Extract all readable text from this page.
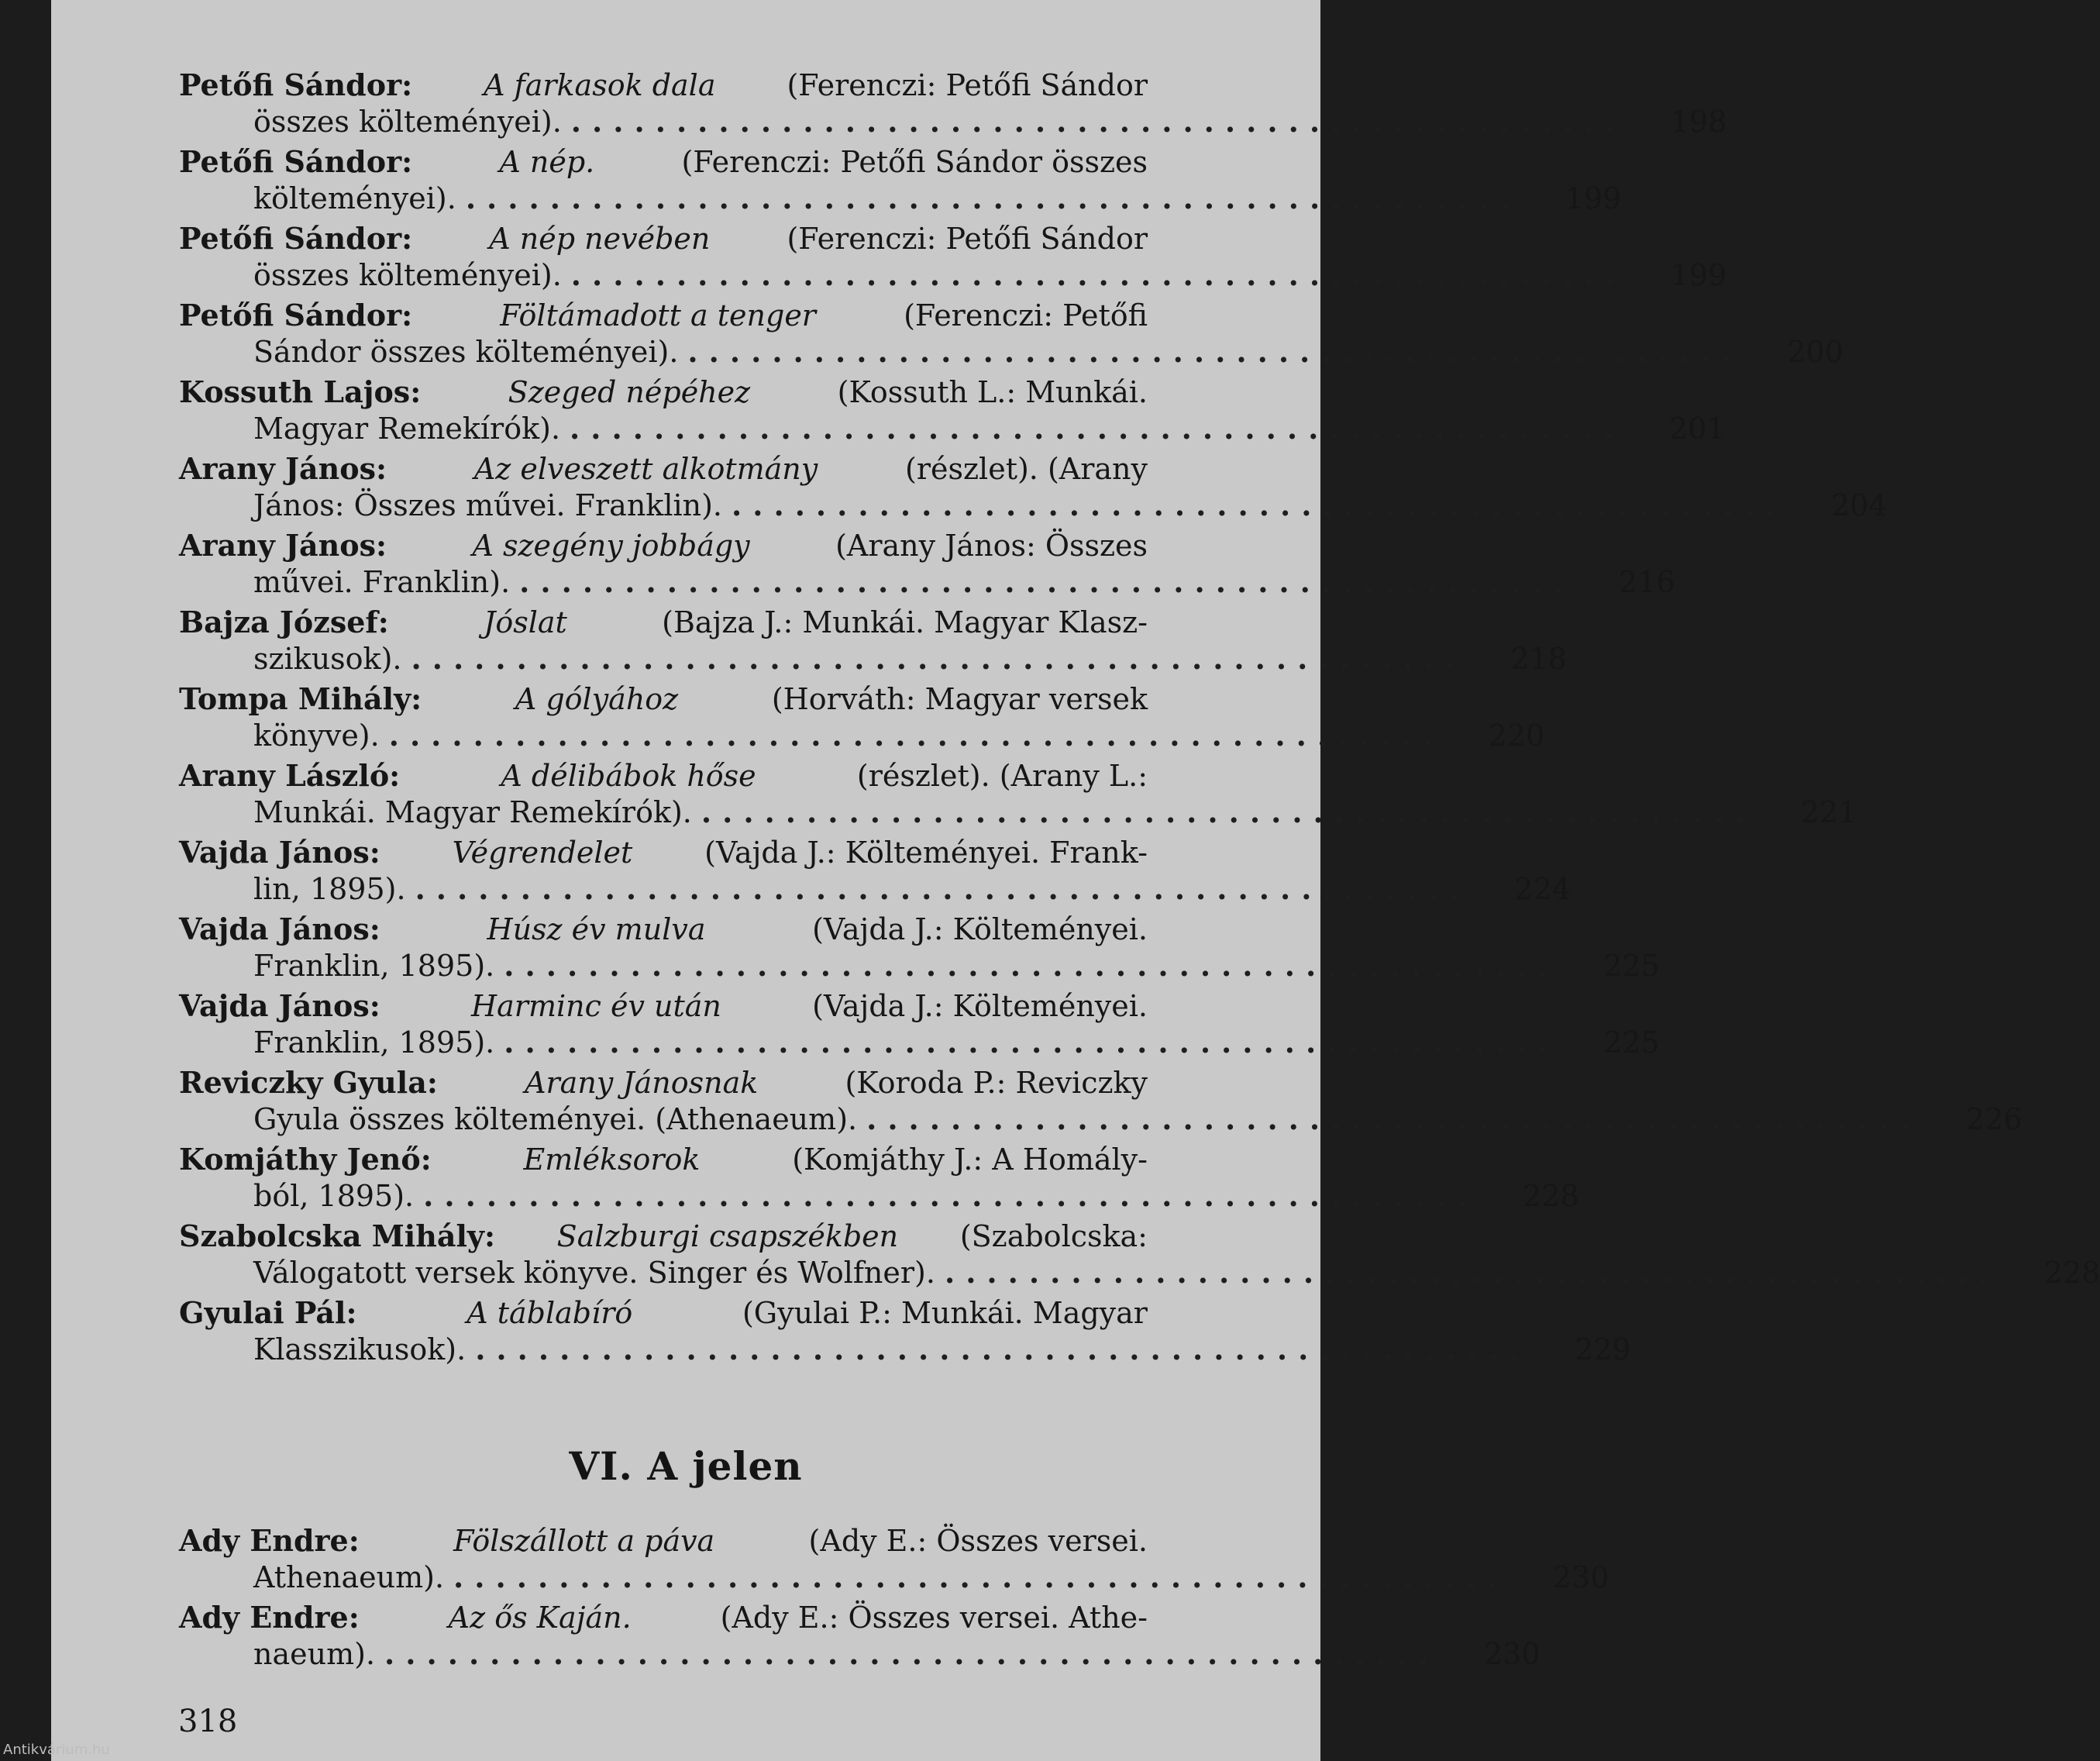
Petőfi Sándor: A farkasok dala (Ferenczi: Petőfi Sándor
összes költeményei). ..................................................	198
Petőfi Sándor:	A nép.	(Ferenczi: Petőfi Sándor összes
költeményei). ..................................................	199
Petőfi Sándor:	A nép nevében	(Ferenczi: Petőfi Sándor
összes költeményei). ..................................................	199
Petőfi Sándor:	Föltámadott a tenger	(Ferenczi: Petőfi
Sándor összes költeményei). ..................................................	200
Kossuth Lajos:	Szeged népéhez	(Kossuth L.: Munkái.
Magyar Remekírók). ..................................................	201
Arany János:	Az elveszett alkotmány	(részlet). (Arany
János: Összes művei. Franklin). ..................................................	204
Arany János:	A szegény jobbágy	(Arany János: Összes
művei. Franklin). ..................................................	216
Bajza József:	Jóslat	(Bajza J.: Munkái. Magyar Klasz-
szikusok). ..................................................	218
Tompa Mihály:	A gólyához	(Horváth: Magyar versek
könyve). ..................................................	220
Arany László:	A délibábok hőse	(részlet). (Arany L.:
Munkái. Magyar Remekírók). ..................................................	221
Vajda János: Végrendelet (Vajda J.: Költeményei. Frank-
lin, 1895). ..................................................	224
Vajda János:	Húsz év mulva	(Vajda J.: Költeményei.
Franklin, 1895). ..................................................	225
Vajda János:	Harminc év után	(Vajda J.: Költeményei.
Franklin, 1895). ..................................................	225
Reviczky Gyula:	Arany Jánosnak	(Koroda P.: Reviczky
Gyula összes költeményei. (Athenaeum). ..................................................	226
Komjáthy Jenő:	Emléksorok	(Komjáthy J.: A Homály-
ból, 1895). ..................................................	228
Szabolcska Mihály: Salzburgi csapszékben (Szabolcska:
Válogatott versek könyve. Singer és Wolfner). ..................................................	228
Gyulai Pál:	A táblabíró	(Gyulai P.: Munkái. Magyar
Klasszikusok). ..................................................	229
VI. A jelen
Ady Endre:	Fölszállott a páva	(Ady E.: Összes versei.
Athenaeum). ..................................................	230
Ady Endre:	Az ős Kaján.	(Ady E.: Összes versei. Athe-
naeum). ..................................................	230
318
Antikvárium.hu
